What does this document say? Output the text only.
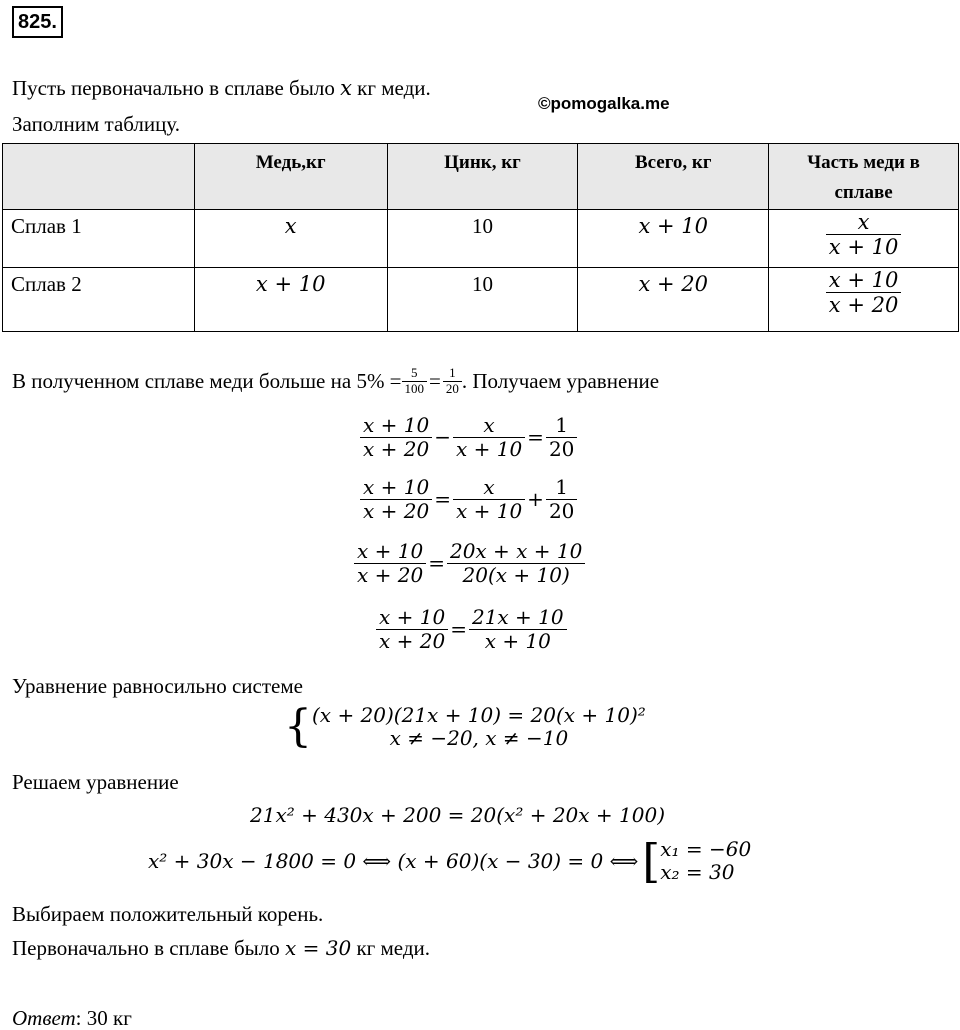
825.
Пусть первоначально в сплаве было x кг меди.
©pomogalka.me
Заполним таблицу.
	Медь,кг	Цинк, кг	Всего, кг	Часть меди в сплаве
Сплав 1	x	10	x + 10	$\frac{x}{x + 10}$

Сплав 2	x + 10	10	x + 20	$\frac{x + 10}{x + 20}$
В полученном сплаве меди больше на $5\% = \frac{5}{100} = \frac{1}{20}$ . Получаем уравнение
$\frac{x + 10}{x + 20} - \frac{x}{x + 10} = \frac{1}{20}$
$\frac{x + 10}{x + 20} = \frac{x}{x + 10} + \frac{1}{20}$
$\frac{x + 10}{x + 20} = \frac{20x + x + 10}{20(x + 10)}$
$\frac{x + 10}{x + 20} = \frac{21x + 10}{x + 10}$
Уравнение равносильно системе
{ (x + 20)(21x + 10) = 20(x + 10)²
x ≠ −20, x ≠ −10
Решаем уравнение
21x² + 430x + 200 = 20(x² + 20x + 100)
x² + 30x − 1800 = 0 ⟺ (x + 60)(x − 30) = 0 ⟺ [ x₁ = −60
x₂ = 30
Выбираем положительный корень.
Первоначально в сплаве было x = 30 кг меди.
Ответ: 30 кг
